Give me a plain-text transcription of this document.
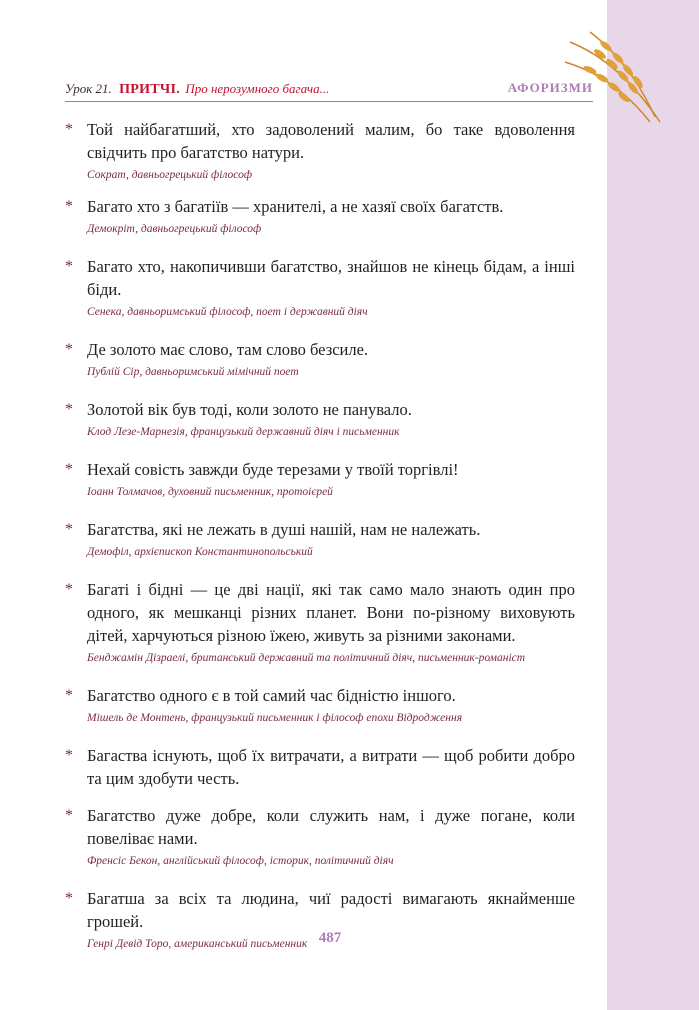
Урок 21. ПРИТЧІ. Про нерозумного багача...	АФОРИЗМИ
* Той найбагатший, хто задоволений малим, бо таке вдоволення свідчить про багатство натури.
Сократ, давньогрецький філософ
* Багато хто з багатіїв — хранителі, а не хазяї своїх багатств.
Демокріт, давньогрецький філософ
* Багато хто, накопичивши багатство, знайшов не кінець бідам, а інші біди.
Сенека, давньоримський філософ, поет і державний діяч
* Де золото має слово, там слово безсиле.
Публій Сір, давньоримський мімічний поет
* Золотой вік був тоді, коли золото не панувало.
Клод Лезе-Марнезія, французький державний діяч і письменник
* Нехай совість завжди буде терезами у твоїй торгівлі!
Іоанн Толмачов, духовний письменник, протоієрей
* Багатства, які не лежать в душі нашій, нам не належать.
Демофіл, архієпископ Константинопольський
* Багаті і бідні — це дві нації, які так само мало знають один про одного, як мешканці різних планет. Вони по-різному виховують дітей, харчуються різною їжею, живуть за різними законами.
Бенджамін Дізраелі, британський державний та політичний діяч, письменник-романіст
* Багатство одного є в той самий час бідністю іншого.
Мішель де Монтень, французький письменник і філософ епохи Відродження
* Багаства існують, щоб їх витрачати, а витрати — щоб робити добро та цим здобути честь.
* Багатство дуже добре, коли служить нам, і дуже погане, коли повеліває нами.
Френсіс Бекон, англійський філософ, історик, політичний діяч
* Багатша за всіх та людина, чиї радості вимагають якнайменше грошей.
Генрі Девід Торо, американський письменник 487
